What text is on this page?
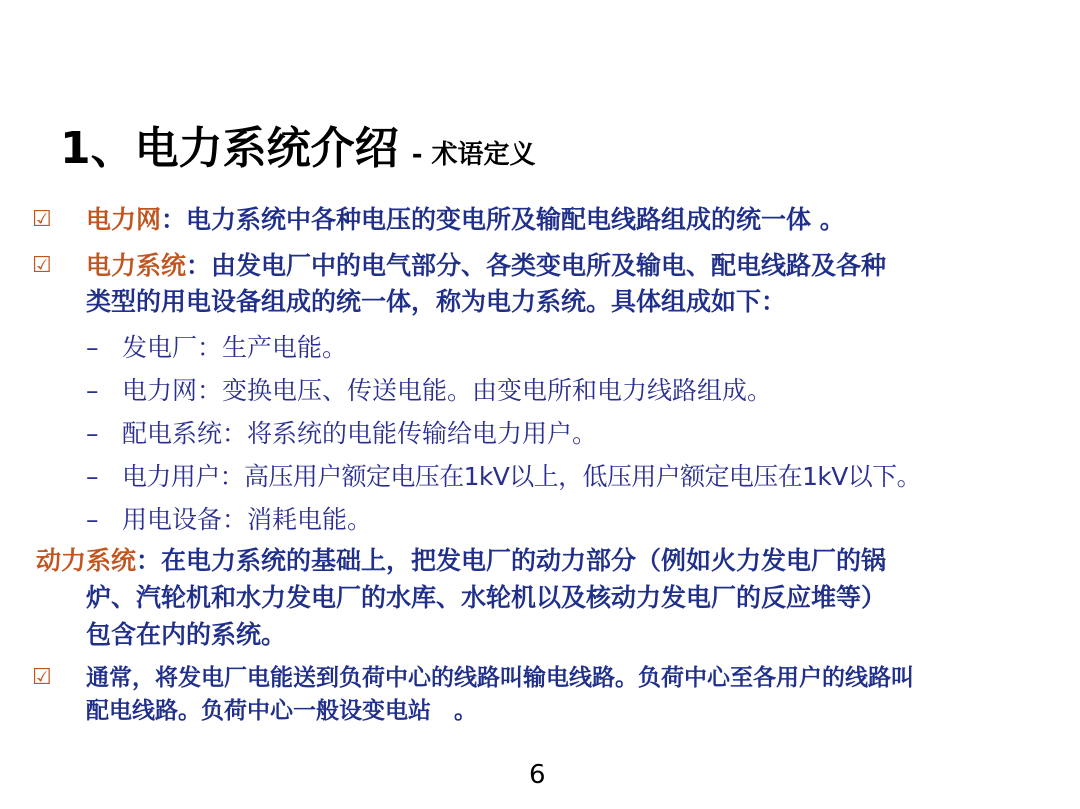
1、电力系统介绍 - 术语定义
☑ 电力网：电力系统中各种电压的变电所及输配电线路组成的统一体 。
☑ 电力系统：由发电厂中的电气部分、各类变电所及输电、配电线路及各种
类型的用电设备组成的统一体，称为电力系统。具体组成如下：
– 发电厂：生产电能。
– 电力网：变换电压、传送电能。由变电所和电力线路组成。
– 配电系统：将系统的电能传输给电力用户。
– 电力用户：高压用户额定电压在1kV以上，低压用户额定电压在1kV以下。
– 用电设备：消耗电能。
动力系统：在电力系统的基础上，把发电厂的动力部分（例如火力发电厂的锅
炉、汽轮机和水力发电厂的水库、水轮机以及核动力发电厂的反应堆等）
包含在内的系统。
☑ 通常，将发电厂电能送到负荷中心的线路叫输电线路。负荷中心至各用户的线路叫
配电线路。负荷中心一般设变电站　。
6
